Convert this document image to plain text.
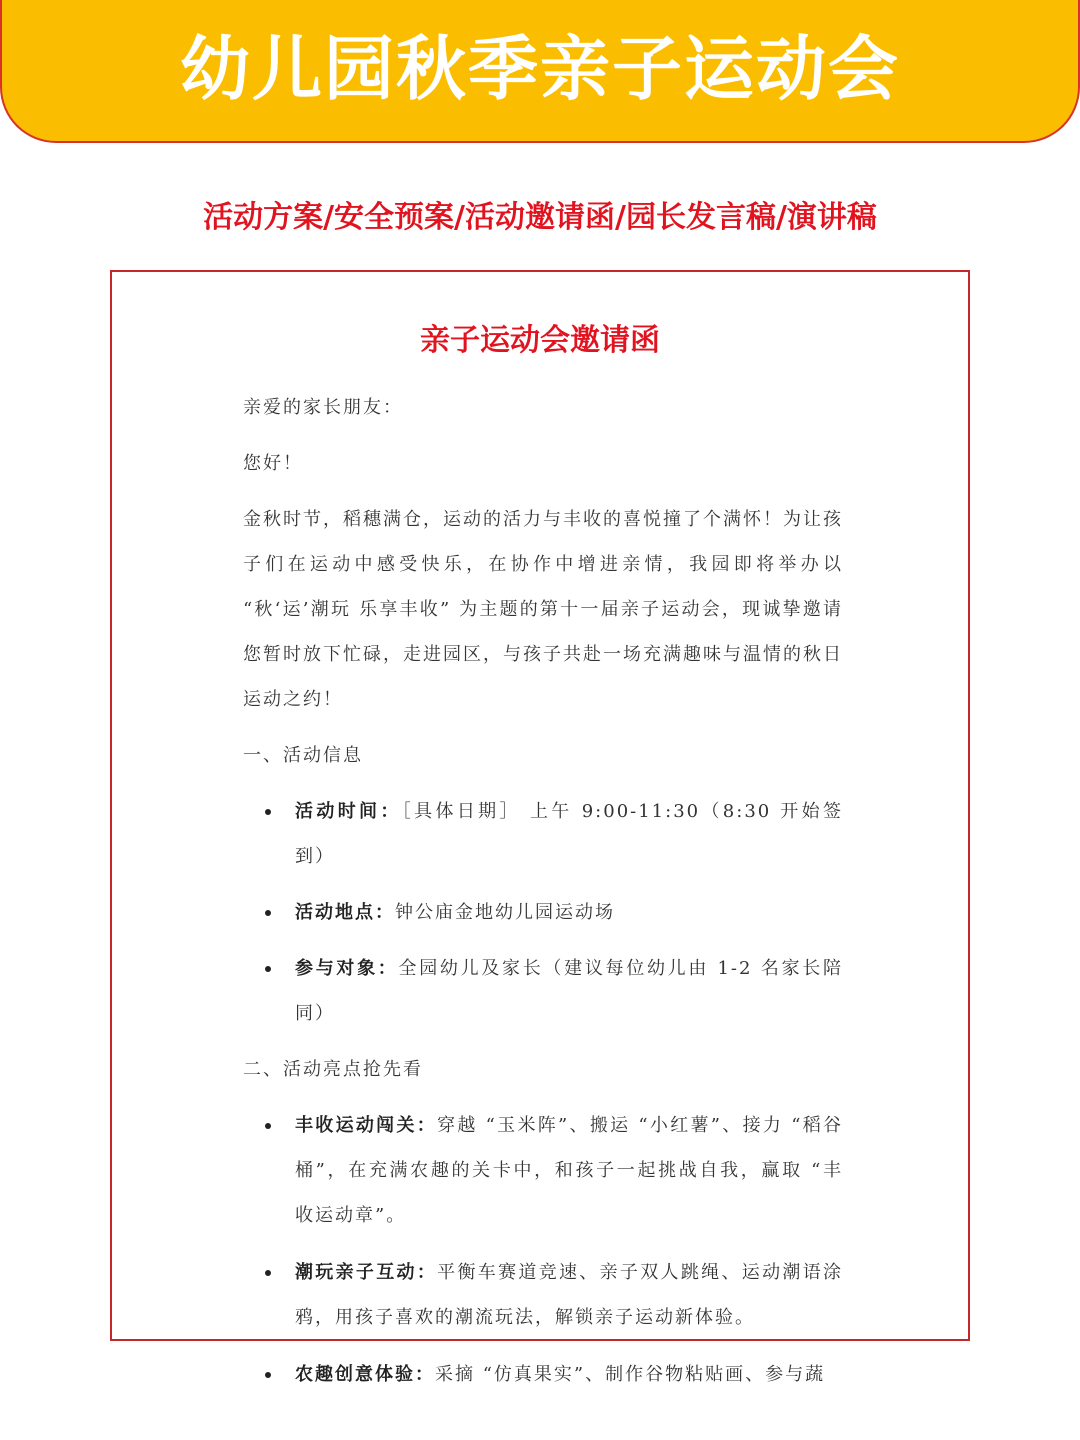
幼儿园秋季亲子运动会
活动方案/安全预案/活动邀请函/园长发言稿/演讲稿
亲子运动会邀请函

亲爱的家长朋友：

您好！

金秋时节，稻穗满仓，运动的活力与丰收的喜悦撞了个满怀！为让孩子们在运动中感受快乐，在协作中增进亲情，我园即将举办以 “秋‘运’潮玩 乐享丰收” 为主题的第十一届亲子运动会，现诚挚邀请您暂时放下忙碌，走进园区，与孩子共赴一场充满趣味与温情的秋日运动之约！

一、活动信息

活动时间：［具体日期］ 上午 9:00-11:30（8:30 开始签到）
活动地点：钟公庙金地幼儿园运动场
参与对象：全园幼儿及家长（建议每位幼儿由 1-2 名家长陪同）

二、活动亮点抢先看

丰收运动闯关：穿越 “玉米阵”、搬运 “小红薯”、接力 “稻谷桶”，在充满农趣的关卡中，和孩子一起挑战自我，赢取 “丰收运动章”。
潮玩亲子互动：平衡车赛道竞速、亲子双人跳绳、运动潮语涂鸦，用孩子喜欢的潮流玩法，解锁亲子运动新体验。
农趣创意体验：采摘 “仿真果实”、制作谷物粘贴画、参与蔬
